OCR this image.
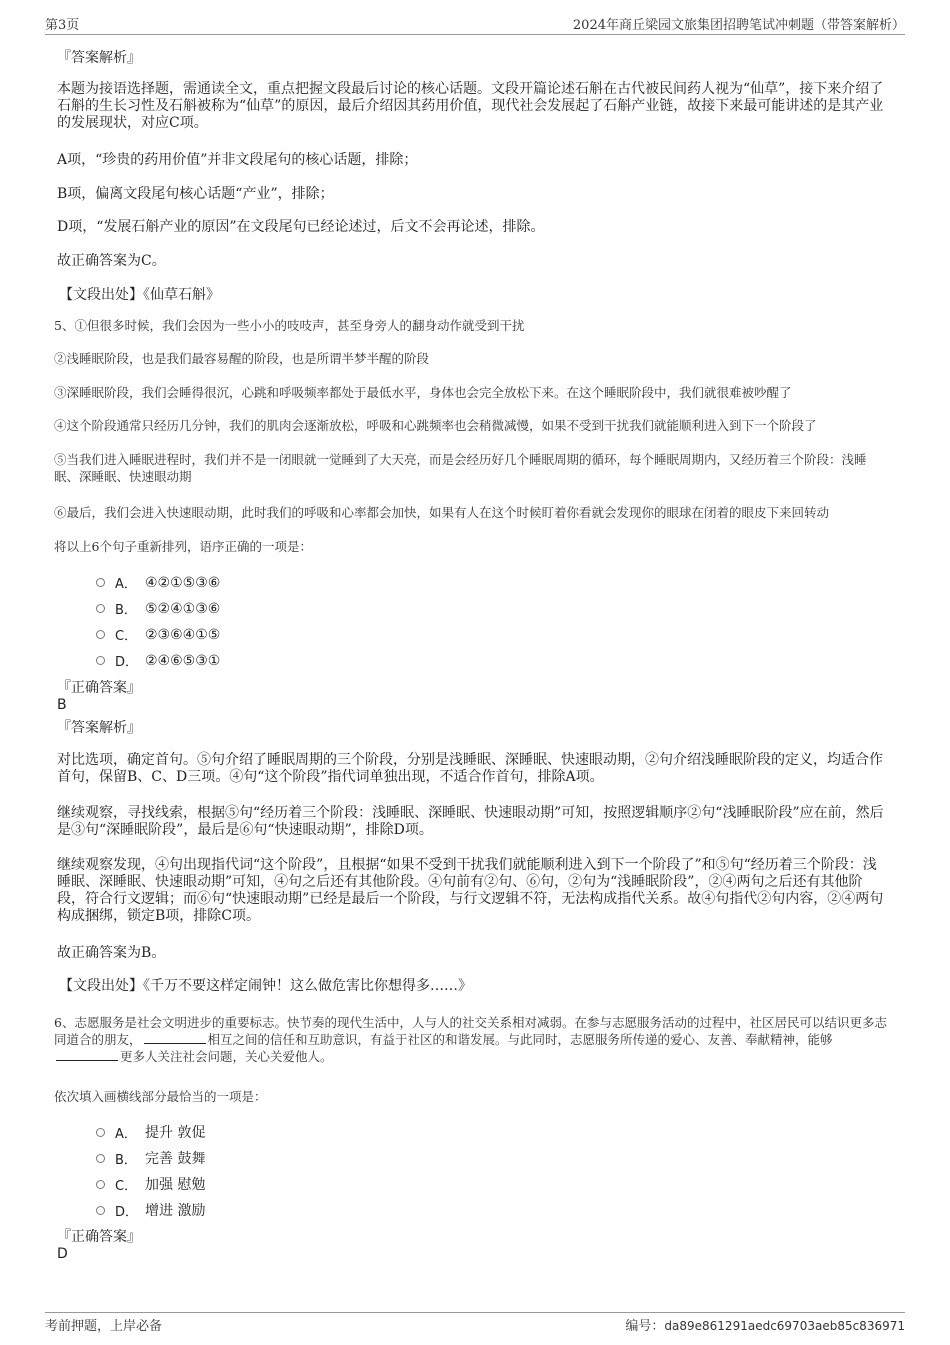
第3页	2024年商丘梁园文旅集团招聘笔试冲刺题（带答案解析）
『答案解析』
本题为接语选择题，需通读全文，重点把握文段最后讨论的核心话题。文段开篇论述石斛在古代被民间药人视为“仙草”，接下来介绍了石斛的生长习性及石斛被称为“仙草”的原因，最后介绍因其药用价值，现代社会发展起了石斛产业链，故接下来最可能讲述的是其产业的发展现状，对应C项。
A项，“珍贵的药用价值”并非文段尾句的核心话题，排除；
B项，偏离文段尾句核心话题“产业”，排除；
D项，“发展石斛产业的原因”在文段尾句已经论述过，后文不会再论述，排除。
故正确答案为C。
【文段出处】《仙草石斛》
5、①但很多时候，我们会因为一些小小的吱吱声，甚至身旁人的翻身动作就受到干扰
②浅睡眠阶段，也是我们最容易醒的阶段，也是所谓半梦半醒的阶段
③深睡眠阶段，我们会睡得很沉，心跳和呼吸频率都处于最低水平，身体也会完全放松下来。在这个睡眠阶段中，我们就很难被吵醒了
④这个阶段通常只经历几分钟，我们的肌肉会逐渐放松，呼吸和心跳频率也会稍微减慢，如果不受到干扰我们就能顺利进入到下一个阶段了
⑤当我们进入睡眠进程时，我们并不是一闭眼就一觉睡到了大天亮，而是会经历好几个睡眠周期的循环，每个睡眠周期内，又经历着三个阶段：浅睡眠、深睡眠、快速眼动期
⑥最后，我们会进入快速眼动期，此时我们的呼吸和心率都会加快，如果有人在这个时候盯着你看就会发现你的眼球在闭着的眼皮下来回转动
将以上6个句子重新排列，语序正确的一项是：
A． ④②①⑤③⑥
B． ⑤②④①③⑥
C． ②③⑥④①⑤
D． ②④⑥⑤③①
『正确答案』
B
『答案解析』
对比选项，确定首句。⑤句介绍了睡眠周期的三个阶段，分别是浅睡眠、深睡眠、快速眼动期，②句介绍浅睡眠阶段的定义，均适合作首句，保留B、C、D三项。④句“这个阶段”指代词单独出现，不适合作首句，排除A项。
继续观察，寻找线索，根据⑤句“经历着三个阶段：浅睡眠、深睡眠、快速眼动期”可知，按照逻辑顺序②句“浅睡眠阶段”应在前，然后是③句“深睡眠阶段”，最后是⑥句“快速眼动期”，排除D项。
继续观察发现，④句出现指代词“这个阶段”，且根据“如果不受到干扰我们就能顺利进入到下一个阶段了”和⑤句“经历着三个阶段：浅睡眠、深睡眠、快速眼动期”可知，④句之后还有其他阶段。④句前有②句、⑥句，②句为“浅睡眠阶段”，②④两句之后还有其他阶段，符合行文逻辑；而⑥句“快速眼动期”已经是最后一个阶段，与行文逻辑不符，无法构成指代关系。故④句指代②句内容，②④两句构成捆绑，锁定B项，排除C项。
故正确答案为B。
【文段出处】《千万不要这样定闹钟！这么做危害比你想得多……》
6、志愿服务是社会文明进步的重要标志。快节奏的现代生活中，人与人的社交关系相对减弱。在参与志愿服务活动的过程中，社区居民可以结识更多志同道合的朋友，	相互之间的信任和互助意识，有益于社区的和谐发展。与此同时，志愿服务所传递的爱心、友善、奉献精神，能够更多人关注社会问题，关心关爱他人。
依次填入画横线部分最恰当的一项是：
A． 提升 敦促
B． 完善 鼓舞
C． 加强 慰勉
D． 增进 激励
『正确答案』
D
考前押题，上岸必备	编号：da89e861291aedc69703aeb85c836971
